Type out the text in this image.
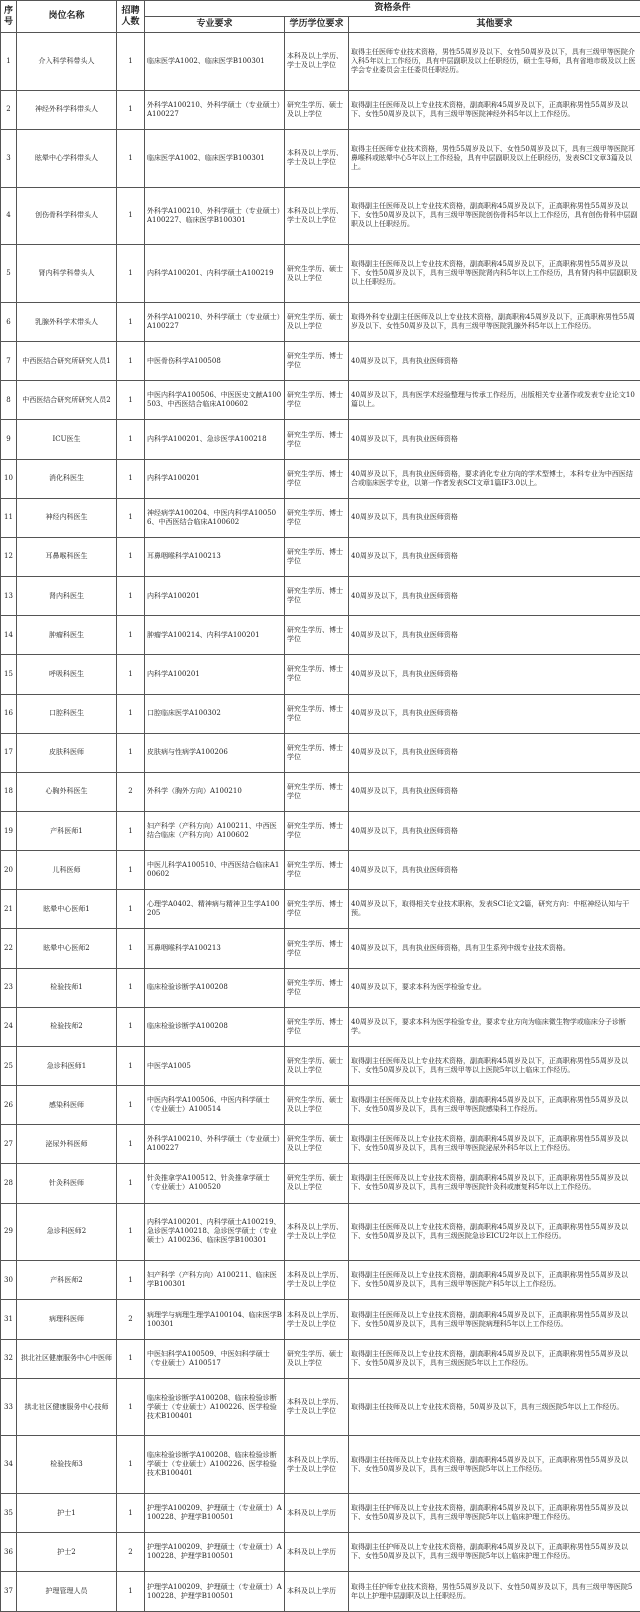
序号	岗位名称	招聘人数	资格条件		
			专业要求	学历学位要求	其他要求
1	介入科学科带头人	1	临床医学A1002、临床医学B100301	本科及以上学历、学士及以上学位	取得主任医师专业技术资格，男性55周岁及以下、女性50周岁及以下，具有三级甲等医院介入科5年以上工作经历，具有中层副职及以上任职经历，硕士生导师，具有省地市级及以上医学会专业委员会主任委员任职经历。
2	神经外科学科带头人	1	外科学A100210、外科学硕士（专业硕士）A100227	研究生学历、硕士及以上学位	取得副主任医师及以上专业技术资格，副高职称45周岁及以下，正高职称男性55周岁及以下、女性50周岁及以下，具有三级甲等医院神经外科5年以上工作经历。
3	眩晕中心学科带头人	1	临床医学A1002、临床医学B100301	本科及以上学历、学士及以上学位	取得主任医师专业技术资格，男性55周岁及以下、女性50周岁及以下，具有三级甲等医院耳鼻喉科或眩晕中心5年以上工作经验，具有中层副职及以上任职经历，发表SCI文章3篇及以上。
4	创伤骨科学科带头人	1	外科学A100210、外科学硕士（专业硕士）A100227、临床医学B100301	本科及以上学历、学士及以上学位	取得副主任医师及以上专业技术资格，副高职称45周岁及以下，正高职称男性55周岁及以下、女性50周岁及以下，具有三级甲等医院创伤骨科5年以上工作经历，具有创伤骨科中层副职及以上任职经历。
5	肾内科学科带头人	1	内科学A100201、内科学硕士A100219	研究生学历、硕士及以上学位	取得副主任医师及以上专业技术资格，副高职称45周岁及以下，正高职称男性55周岁及以下、女性50周岁及以下，具有三级甲等医院肾内科5年以上工作经历，具有肾内科中层副职及以上任职经历。
6	乳腺外科学术带头人	1	外科学A100210、外科学硕士（专业硕士）A100227	研究生学历、硕士及以上学位	取得外科专业副主任医师及以上专业技术资格，副高职称45周岁及以下，正高职称男性55周岁及以下、女性50周岁及以下，具有三级甲等医院乳腺外科5年以上工作经历。
7	中西医结合研究所研究人员1	1	中医骨伤科学A100508	研究生学历、博士学位	40周岁及以下，具有执业医师资格
8	中西医结合研究所研究人员2	1	中医内科学A100506、中医医史文献A100503、中西医结合临床A100602	研究生学历、博士学位	40周岁及以下，具有医学术经验整理与传承工作经历，出版相关专业著作或发表专业论文10篇以上。
9	ICU医生	1	内科学A100201、急诊医学A100218	研究生学历、博士学位	40周岁及以下，具有执业医师资格
10	消化科医生	1	内科学A100201	研究生学历、博士学位	40周岁及以下，具有执业医师资格，要求消化专业方向的学术型博士，本科专业为中西医结合或临床医学专业，以第一作者发表SCI文章1篇IF3.0以上。
11	神经内科医生	1	神经病学A100204、中医内科学A100506、中西医结合临床A100602	研究生学历、博士学位	40周岁及以下，具有执业医师资格
12	耳鼻喉科医生	1	耳鼻咽喉科学A100213	研究生学历、博士学位	40周岁及以下，具有执业医师资格
13	肾内科医生	1	内科学A100201	研究生学历、博士学位	40周岁及以下，具有执业医师资格
14	肿瘤科医生	1	肿瘤学A100214、内科学A100201	研究生学历、博士学位	40周岁及以下，具有执业医师资格
15	呼吸科医生	1	内科学A100201	研究生学历、博士学位	40周岁及以下，具有执业医师资格
16	口腔科医生	1	口腔临床医学A100302	研究生学历、博士学位	40周岁及以下，具有执业医师资格
17	皮肤科医师	1	皮肤病与性病学A100206	研究生学历、博士学位	40周岁及以下，具有执业医师资格
18	心胸外科医生	2	外科学（胸外方向）A100210	研究生学历、博士学位	40周岁及以下，具有执业医师资格
19	产科医师1	1	妇产科学（产科方向）A100211、中西医结合临床（产科方向）A100602	研究生学历、博士学位	40周岁及以下，具有执业医师资格
20	儿科医师	1	中医儿科学A100510、中西医结合临床A100602	研究生学历、博士学位	40周岁及以下，具有执业医师资格
21	眩晕中心医师1	1	心理学A0402、精神病与精神卫生学A100205	研究生学历、博士学位	40周岁及以下，取得相关专业技术职称，发表SCI论文2篇，研究方向：中枢神经认知与干预。
22	眩晕中心医师2	1	耳鼻咽喉科学A100213	研究生学历、博士学位	40周岁及以下，具有执业医师资格，具有卫生系列中级专业技术资格。
23	检验技师1	1	临床检验诊断学A100208	研究生学历、博士学位	40周岁及以下，要求本科为医学检验专业。
24	检验技师2	1	临床检验诊断学A100208	研究生学历、博士学位	40周岁及以下，要求本科为医学检验专业，要求专业方向为临床微生物学或临床分子诊断学。
25	急诊科医师1	1	中医学A1005	研究生学历、硕士及以上学位	取得副主任医师及以上专业技术资格，副高职称45周岁及以下，正高职称男性55周岁及以下、女性50周岁及以下，具有三级甲等以上医院5年以上临床工作经历。
26	感染科医师	1	中医内科学A100506、中医内科学硕士（专业硕士）A100514	研究生学历、硕士及以上学位	取得副主任医师及以上专业技术资格，副高职称45周岁及以下，正高职称男性55周岁及以下、女性50周岁及以下，具有三级甲等医院感染科工作经历。
27	泌尿外科医师	1	外科学A100210、外科学硕士（专业硕士）A100227	研究生学历、硕士及以上学位	取得副主任医师及以上专业技术资格，副高职称45周岁及以下，正高职称男性55周岁及以下、女性50周岁及以下，具有三级甲等医院泌尿外科5年以上工作经历。
28	针灸科医师	1	针灸推拿学A100512、针灸推拿学硕士（专业硕士）A100520	研究生学历、硕士及以上学位	取得副主任医师及以上专业技术资格，副高职称45周岁及以下，正高职称男性55周岁及以下、女性50周岁及以下，具有三级甲等医院针灸科或康复科5年以上工作经历。
29	急诊科医师2	1	内科学A100201、内科学硕士A100219、急诊医学A100218、急诊医学硕士（专业硕士）A100236、临床医学B100301	本科及以上学历、学士及以上学位	取得副主任医师及以上专业技术资格，副高职称45周岁及以下，正高职称男性55周岁及以下、女性50周岁及以下，具有三级医院急诊EICU2年以上工作经历。
30	产科医师2	1	妇产科学（产科方向）A100211、临床医学B100301	本科及以上学历、学士及以上学位	取得副主任医师及以上专业技术资格，副高职称45周岁及以下，正高职称男性55周岁及以下、女性50周岁及以下，具有三级甲等医院产科5年以上工作经历。
31	病理科医师	2	病理学与病理生理学A100104、临床医学B100301	本科及以上学历、学士及以上学位	取得副主任医师及以上专业技术资格，副高职称45周岁及以下，正高职称男性55周岁及以下、女性50周岁及以下，具有三级甲等医院病理科5年以上工作经历。
32	拱北社区健康服务中心中医师	1	中医妇科学A100509、中医妇科学硕士（专业硕士）A100517	研究生学历、硕士及以上学位	取得副主任医师及以上专业技术资格，副高职称45周岁及以下，正高职称男性55周岁及以下、女性50周岁及以下，具有三级医院5年以上工作经历。
33	拱北社区健康服务中心技师	1	临床检验诊断学A100208、临床检验诊断学硕士（专业硕士）A100226、医学检验技术B100401	本科及以上学历、学士及以上学位	取得副主任技师及以上专业技术资格，50周岁及以下，具有三级医院5年以上工作经历。
34	检验技师3	1	临床检验诊断学A100208、临床检验诊断学硕士（专业硕士）A100226、医学检验技术B100401	本科及以上学历、学士及以上学位	取得副主任技师及以上专业技术资格，副高职称45周岁及以下，正高职称男性55周岁及以下、女性50周岁及以下，具有三级甲等医院5年以上工作经历。
35	护士1	1	护理学A100209、护理硕士（专业硕士）A100228、护理学B100501	本科及以上学历	取得副主任护师及以上专业技术资格，副高职称45周岁及以下，正高职称男性55周岁及以下、女性50周岁及以下，具有三级甲等医院5年以上临床护理工作经历。
36	护士2	2	护理学A100209、护理硕士（专业硕士）A100228、护理学B100501	本科及以上学历	取得副主任护师及以上专业技术资格，副高职称45周岁及以下，正高职称男性55周岁及以下、女性50周岁及以下，具有三级甲等医院5年以上临床护理工作经历。
37	护理管理人员	1	护理学A100209、护理硕士（专业硕士）A100228、护理学B100501	本科及以上学历	取得主任护师专业技术资格，男性55周岁及以下、女性50周岁及以下，具有三级甲等医院5年以上护理中层副职及以上任职经历。
